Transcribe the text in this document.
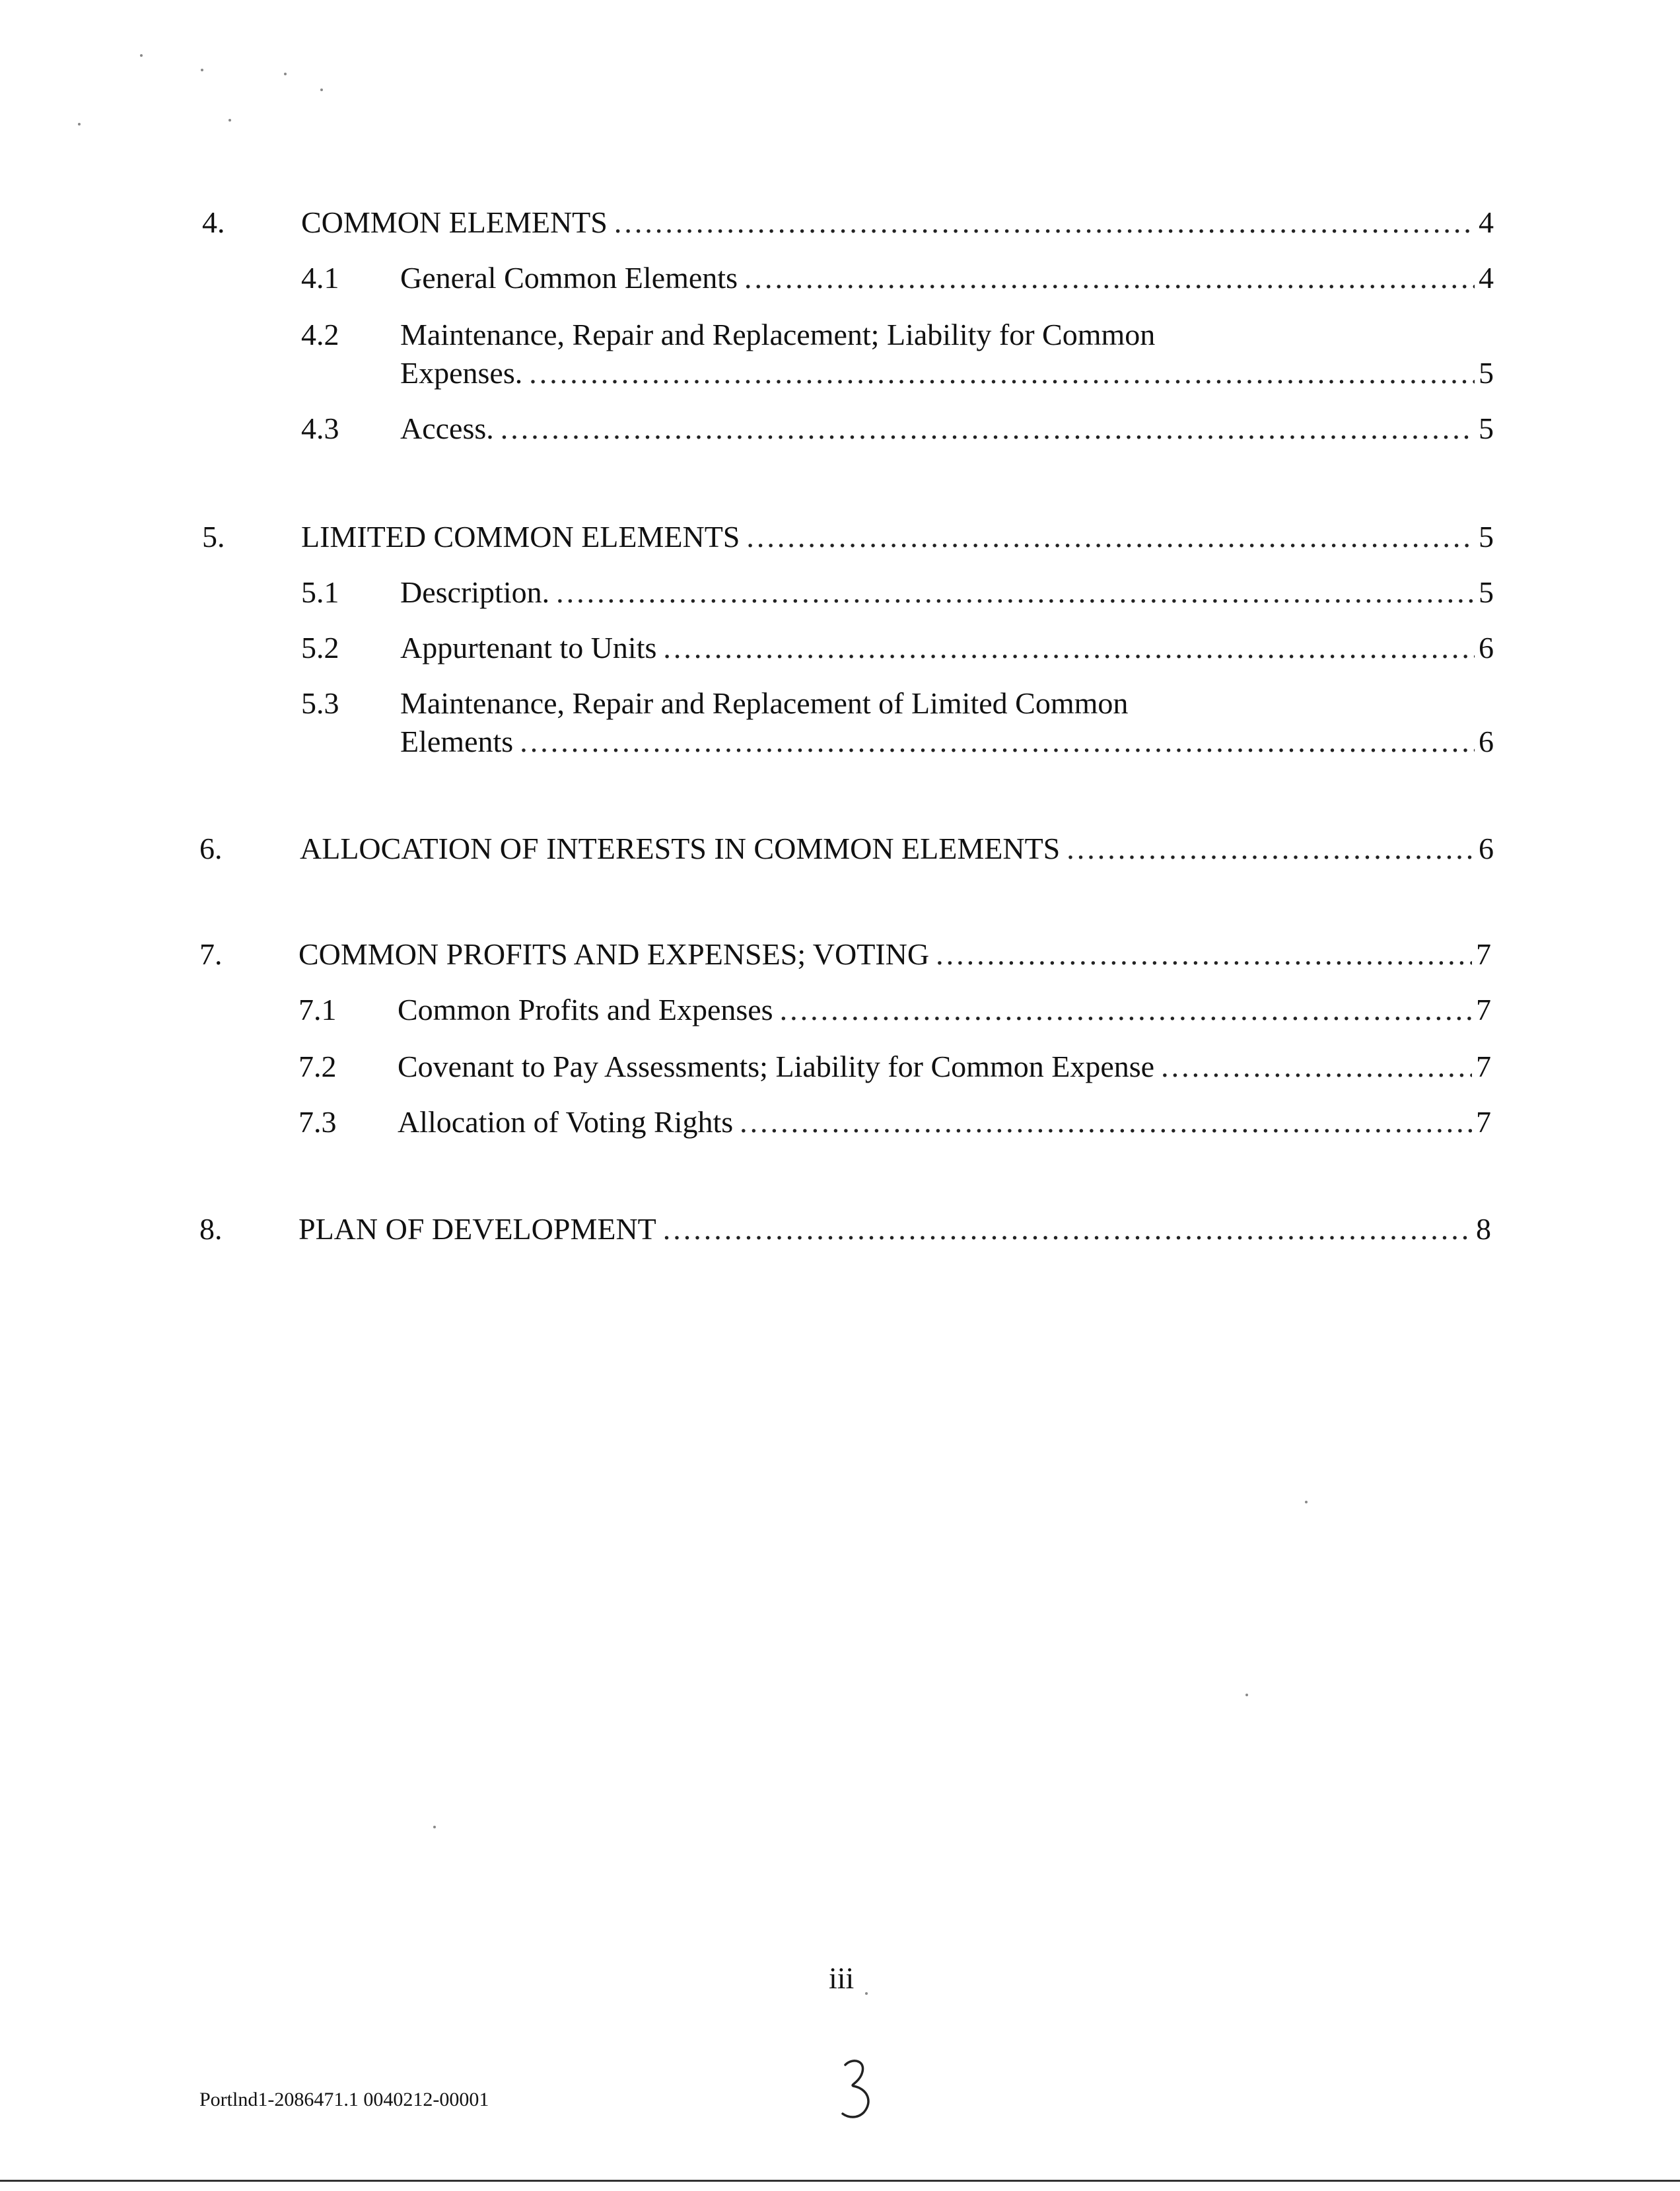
4.	COMMON ELEMENTS .....	4
4.1 General Common Elements .....	4
4.2 Maintenance, Repair and Replacement; Liability for Common
Expenses. .....	5
4.3 Access. .....	5
5.	LIMITED COMMON ELEMENTS .....	5
5.1 Description. .....	5
5.2 Appurtenant to Units .....	6
5.3 Maintenance, Repair and Replacement of Limited Common
Elements .....	6
6.	ALLOCATION OF INTERESTS IN COMMON ELEMENTS .....	6
7.	COMMON PROFITS AND EXPENSES; VOTING .....	7
7.1 Common Profits and Expenses .....	7
7.2 Covenant to Pay Assessments; Liability for Common Expense .....	7
7.3 Allocation of Voting Rights .....	7
8.	PLAN OF DEVELOPMENT .....	8
iii
Portlnd1-2086471.1 0040212-00001
